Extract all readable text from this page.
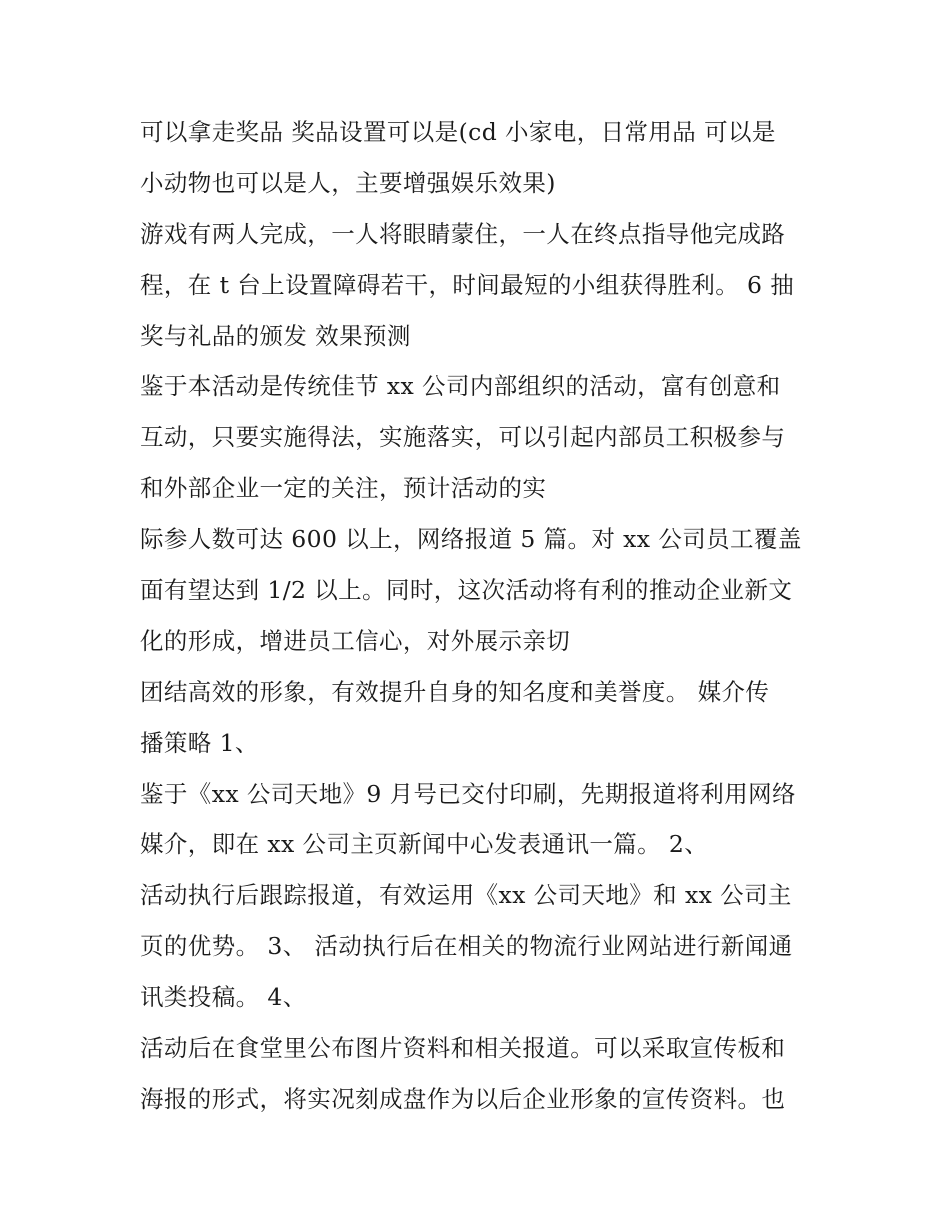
可以拿走奖品 奖品设置可以是(cd 小家电，日常用品 可以是
小动物也可以是人，主要增强娱乐效果)
游戏有两人完成，一人将眼睛蒙住，一人在终点指导他完成路
程，在 t 台上设置障碍若干，时间最短的小组获得胜利。 6 抽
奖与礼品的颁发 效果预测
鉴于本活动是传统佳节 xx 公司内部组织的活动，富有创意和
互动，只要实施得法，实施落实，可以引起内部员工积极参与
和外部企业一定的关注，预计活动的实
际参人数可达 600 以上，网络报道 5 篇。对 xx 公司员工覆盖
面有望达到 1/2 以上。同时，这次活动将有利的推动企业新文
化的形成，增进员工信心，对外展示亲切
团结高效的形象，有效提升自身的知名度和美誉度。 媒介传
播策略 1、
鉴于《xx 公司天地》9 月号已交付印刷，先期报道将利用网络
媒介，即在 xx 公司主页新闻中心发表通讯一篇。 2、
活动执行后跟踪报道，有效运用《xx 公司天地》和 xx 公司主
页的优势。 3、 活动执行后在相关的物流行业网站进行新闻通
讯类投稿。 4、
活动后在食堂里公布图片资料和相关报道。可以采取宣传板和
海报的形式，将实况刻成盘作为以后企业形象的宣传资料。也
